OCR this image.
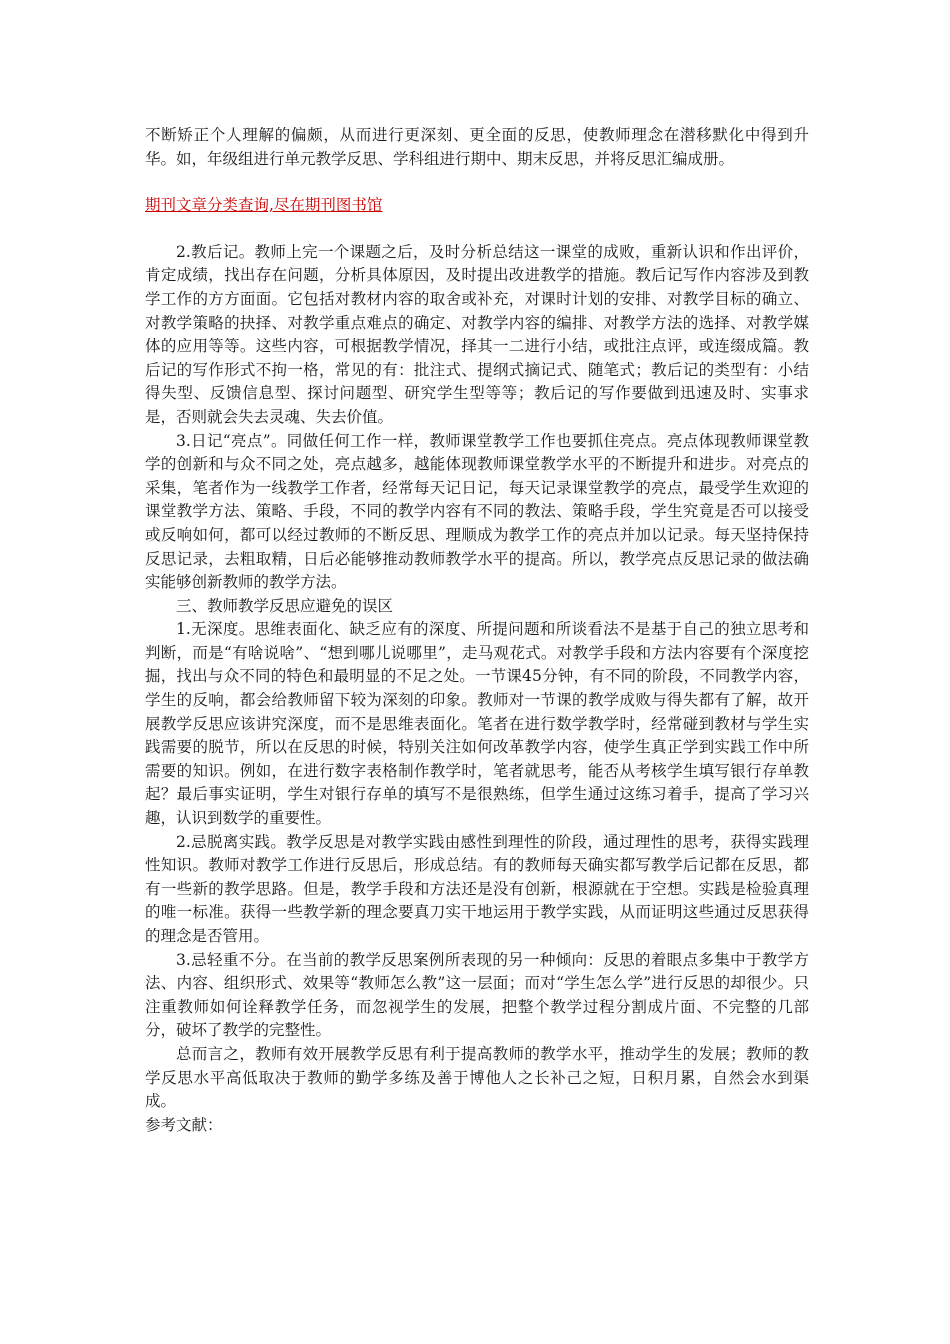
不断矫正个人理解的偏颇，从而进行更深刻、更全面的反思，使教师理念在潜移默化中得到升华。如，年级组进行单元教学反思、学科组进行期中、期末反思，并将反思汇编成册。

期刊文章分类查询,尽在期刊图书馆

2.教后记。教师上完一个课题之后，及时分析总结这一课堂的成败，重新认识和作出评价，肯定成绩，找出存在问题，分析具体原因，及时提出改进教学的措施。教后记写作内容涉及到教学工作的方方面面。它包括对教材内容的取舍或补充，对课时计划的安排、对教学目标的确立、对教学策略的抉择、对教学重点难点的确定、对教学内容的编排、对教学方法的选择、对教学媒体的应用等等。这些内容，可根据教学情况，择其一二进行小结，或批注点评，或连缀成篇。教后记的写作形式不拘一格，常见的有：批注式、提纲式摘记式、随笔式；教后记的类型有：小结得失型、反馈信息型、探讨问题型、研究学生型等等；教后记的写作要做到迅速及时、实事求是，否则就会失去灵魂、失去价值。

3.日记“亮点”。同做任何工作一样，教师课堂教学工作也要抓住亮点。亮点体现教师课堂教学的创新和与众不同之处，亮点越多，越能体现教师课堂教学水平的不断提升和进步。对亮点的采集，笔者作为一线教学工作者，经常每天记日记，每天记录课堂教学的亮点，最受学生欢迎的课堂教学方法、策略、手段，不同的教学内容有不同的教法、策略手段，学生究竟是否可以接受或反响如何，都可以经过教师的不断反思、理顺成为教学工作的亮点并加以记录。每天坚持保持反思记录，去粗取精，日后必能够推动教师教学水平的提高。所以，教学亮点反思记录的做法确实能够创新教师的教学方法。

三、教师教学反思应避免的误区

1.无深度。思维表面化、缺乏应有的深度、所提问题和所谈看法不是基于自己的独立思考和判断，而是“有啥说啥”、“想到哪儿说哪里”，走马观花式。对教学手段和方法内容要有个深度挖掘，找出与众不同的特色和最明显的不足之处。一节课45分钟，有不同的阶段，不同教学内容，学生的反响，都会给教师留下较为深刻的印象。教师对一节课的教学成败与得失都有了解，故开展教学反思应该讲究深度，而不是思维表面化。笔者在进行数学教学时，经常碰到教材与学生实践需要的脱节，所以在反思的时候，特别关注如何改革教学内容，使学生真正学到实践工作中所需要的知识。例如，在进行数字表格制作教学时，笔者就思考，能否从考核学生填写银行存单教起？最后事实证明，学生对银行存单的填写不是很熟练，但学生通过这练习着手，提高了学习兴趣，认识到数学的重要性。

2.忌脱离实践。教学反思是对教学实践由感性到理性的阶段，通过理性的思考，获得实践理性知识。教师对教学工作进行反思后，形成总结。有的教师每天确实都写教学后记都在反思，都有一些新的教学思路。但是，教学手段和方法还是没有创新，根源就在于空想。实践是检验真理的唯一标准。获得一些教学新的理念要真刀实干地运用于教学实践，从而证明这些通过反思获得的理念是否管用。

3.忌轻重不分。在当前的教学反思案例所表现的另一种倾向：反思的着眼点多集中于教学方法、内容、组织形式、效果等“教师怎么教”这一层面；而对“学生怎么学”进行反思的却很少。只注重教师如何诠释教学任务，而忽视学生的发展，把整个教学过程分割成片面、不完整的几部分，破坏了教学的完整性。

总而言之，教师有效开展教学反思有利于提高教师的教学水平，推动学生的发展；教师的教学反思水平高低取决于教师的勤学多练及善于博他人之长补己之短，日积月累，自然会水到渠成。

参考文献：
